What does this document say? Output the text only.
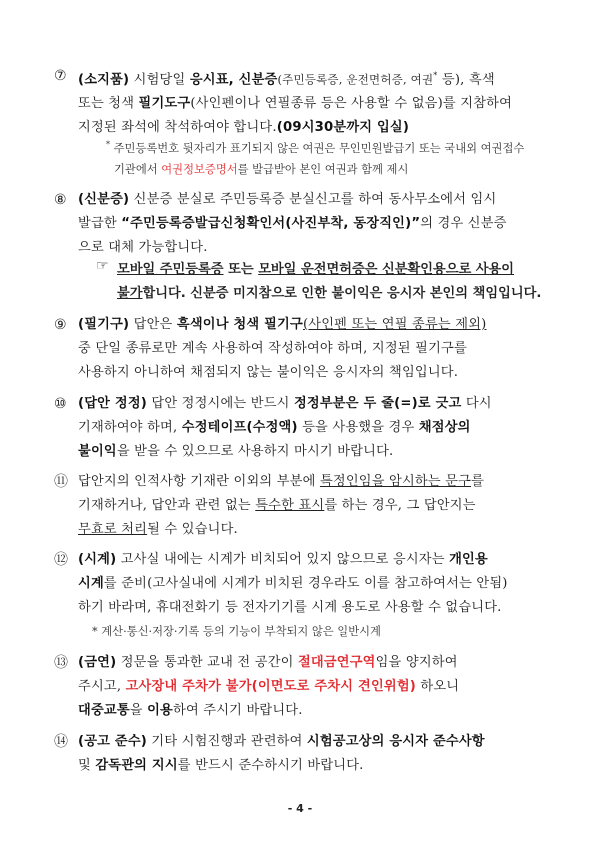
⑦ (소지품) 시험당일 응시표, 신분증(주민등록증, 운전면허증, 여권* 등), 흑색

또는 청색 필기도구(사인펜이나 연필종류 등은 사용할 수 없음)를 지참하여

지정된 좌석에 착석하여야 합니다.(09시30분까지 입실)

* 주민등록번호 뒷자리가 표기되지 않은 여권은 무인민원발급기 또는 국내외 여권접수

기관에서 여권정보증명서를 발급받아 본인 여권과 함께 제시

⑧ (신분증) 신분증 분실로 주민등록증 분실신고를 하여 동사무소에서 임시

발급한 “주민등록증발급신청확인서(사진부착, 동장직인)”의 경우 신분증

으로 대체 가능합니다.

☞ 모바일 주민등록증 또는 모바일 운전면허증은 신분확인용으로 사용이

불가합니다. 신분증 미지참으로 인한 불이익은 응시자 본인의 책임입니다.

⑨ (필기구) 답안은 흑색이나 청색 필기구(사인펜 또는 연필 종류는 제외)

중 단일 종류로만 계속 사용하여 작성하여야 하며, 지정된 필기구를

사용하지 아니하여 채점되지 않는 불이익은 응시자의 책임입니다.

⑩ (답안 정정) 답안 정정시에는 반드시 정정부분은 두 줄(=)로 긋고 다시

기재하여야 하며, 수정테이프(수정액) 등을 사용했을 경우 채점상의

불이익을 받을 수 있으므로 사용하지 마시기 바랍니다.

⑪ 답안지의 인적사항 기재란 이외의 부분에 특정인임을 암시하는 문구를

기재하거나, 답안과 관련 없는 특수한 표시를 하는 경우, 그 답안지는

무효로 처리될 수 있습니다.

⑫ (시계) 고사실 내에는 시계가 비치되어 있지 않으므로 응시자는 개인용

시계를 준비(고사실내에 시계가 비치된 경우라도 이를 참고하여서는 안됨)

하기 바라며, 휴대전화기 등 전자기기를 시계 용도로 사용할 수 없습니다.

* 계산·통신·저장·기록 등의 기능이 부착되지 않은 일반시계

⑬ (금연) 정문을 통과한 교내 전 공간이 절대금연구역임을 양지하여

주시고, 고사장내 주차가 불가(이면도로 주차시 견인위험) 하오니

대중교통을 이용하여 주시기 바랍니다.

⑭ (공고 준수) 기타 시험진행과 관련하여 시험공고상의 응시자 준수사항

및 감독관의 지시를 반드시 준수하시기 바랍니다.

- 4 -
